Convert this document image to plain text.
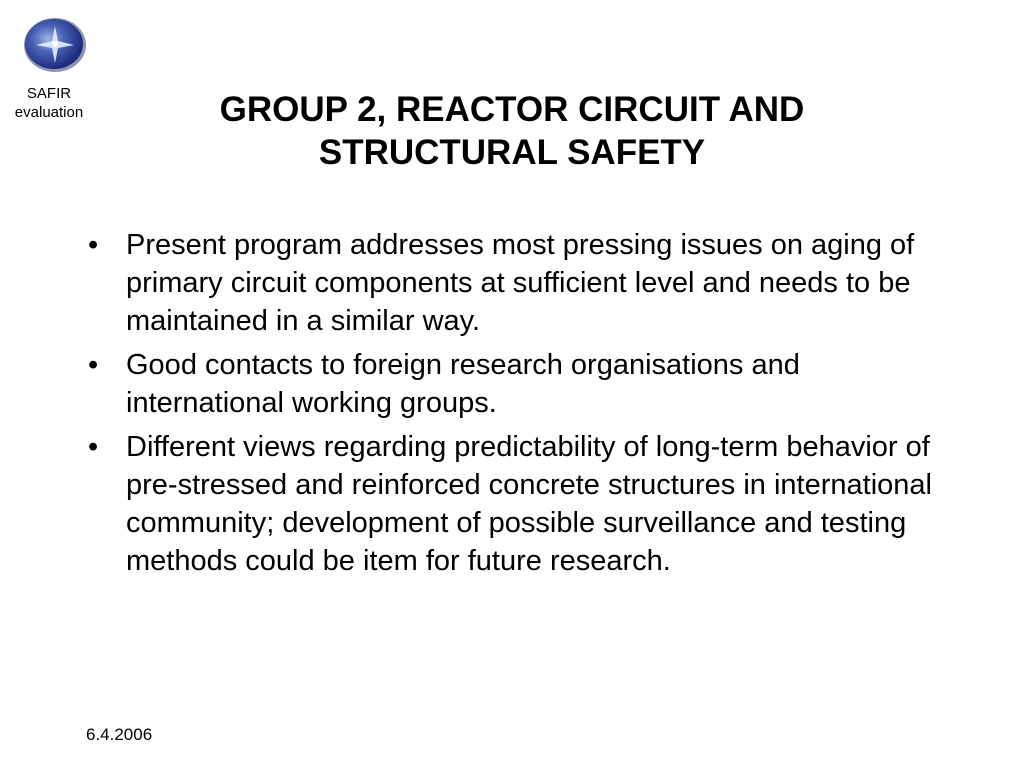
SAFIR
evaluation	GROUP 2, REACTOR CIRCUIT AND
STRUCTURAL SAFETY
• Present program addresses most pressing issues on aging of primary circuit components at sufficient level and needs to be maintained in a similar way.
• Good contacts to foreign research organisations and international working groups.
• Different views regarding predictability of long-term behavior of pre-stressed and reinforced concrete structures in international community; development of possible surveillance and testing methods could be item for future research.
6.4.2006
